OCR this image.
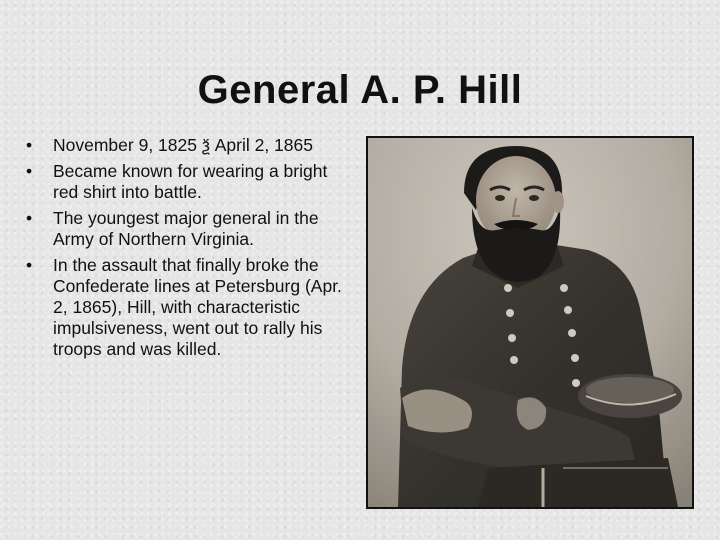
General A. P. Hill
• November 9, 1825 ѯ April 2, 1865
• Became known for wearing a bright red shirt into battle.
• The youngest major general in the Army of Northern Virginia.
• In the assault that finally broke the Confederate lines at Petersburg (Apr. 2, 1865), Hill, with characteristic impulsiveness, went out to rally his troops and was killed.
